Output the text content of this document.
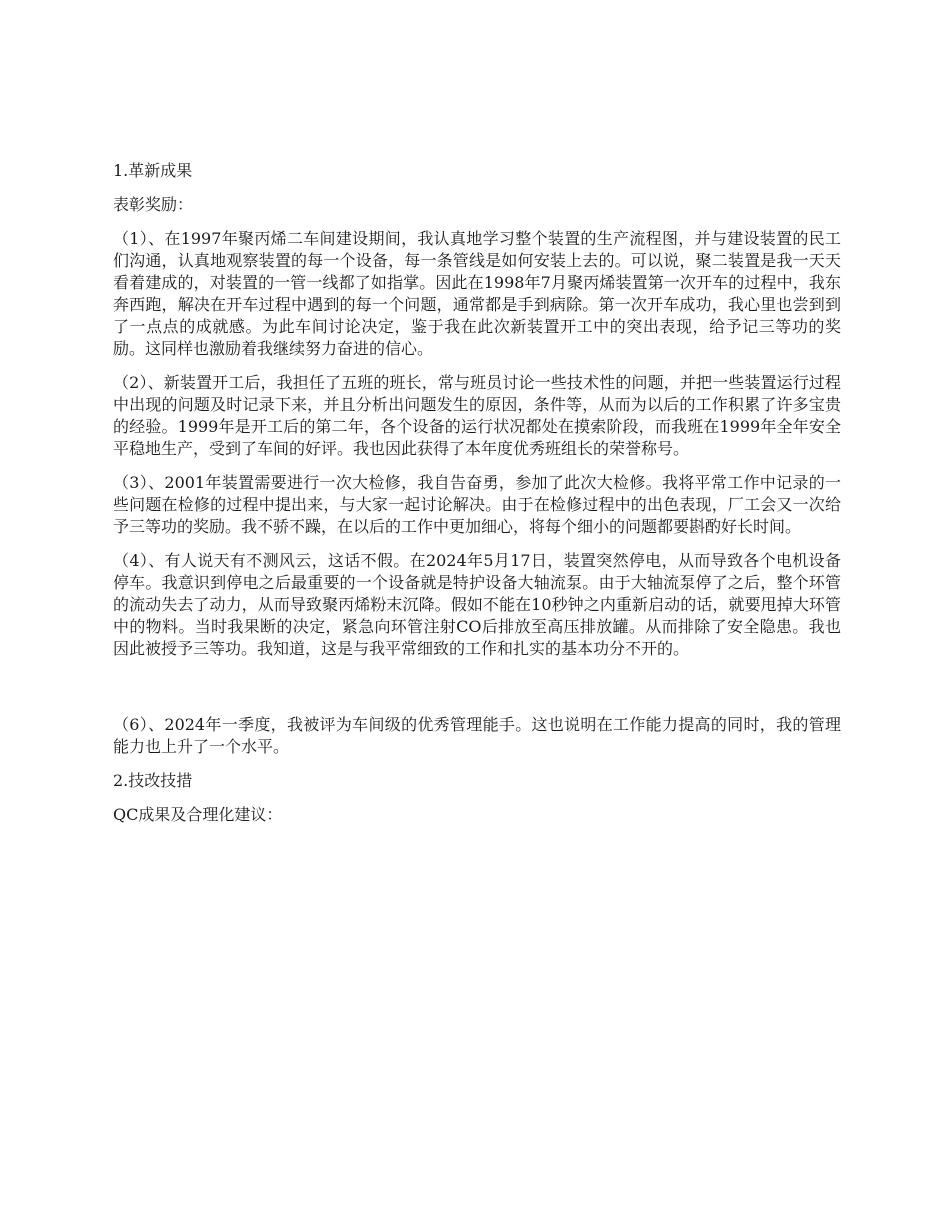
1.革新成果

表彰奖励：

（1）、在1997年聚丙烯二车间建设期间，我认真地学习整个装置的生产流程图，并与建设装置的民工们沟通，认真地观察装置的每一个设备，每一条管线是如何安装上去的。可以说，聚二装置是我一天天看着建成的，对装置的一管一线都了如指掌。因此在1998年7月聚丙烯装置第一次开车的过程中，我东奔西跑，解决在开车过程中遇到的每一个问题，通常都是手到病除。第一次开车成功，我心里也尝到到了一点点的成就感。为此车间讨论决定，鉴于我在此次新装置开工中的突出表现，给予记三等功的奖励。这同样也激励着我继续努力奋进的信心。

（2）、新装置开工后，我担任了五班的班长，常与班员讨论一些技术性的问题，并把一些装置运行过程中出现的问题及时记录下来，并且分析出问题发生的原因，条件等，从而为以后的工作积累了许多宝贵的经验。1999年是开工后的第二年，各个设备的运行状况都处在摸索阶段，而我班在1999年全年安全平稳地生产，受到了车间的好评。我也因此获得了本年度优秀班组长的荣誉称号。

（3）、2001年装置需要进行一次大检修，我自告奋勇，参加了此次大检修。我将平常工作中记录的一些问题在检修的过程中提出来，与大家一起讨论解决。由于在检修过程中的出色表现，厂工会又一次给予三等功的奖励。我不骄不躁，在以后的工作中更加细心，将每个细小的问题都要斟酌好长时间。

（4）、有人说天有不测风云，这话不假。在2024年5月17日，装置突然停电，从而导致各个电机设备停车。我意识到停电之后最重要的一个设备就是特护设备大轴流泵。由于大轴流泵停了之后，整个环管的流动失去了动力，从而导致聚丙烯粉末沉降。假如不能在10秒钟之内重新启动的话，就要甩掉大环管中的物料。当时我果断的决定，紧急向环管注射CO后排放至高压排放罐。从而排除了安全隐患。我也因此被授予三等功。我知道，这是与我平常细致的工作和扎实的基本功分不开的。

（6）、2024年一季度，我被评为车间级的优秀管理能手。这也说明在工作能力提高的同时，我的管理能力也上升了一个水平。

2.技改技措

QC成果及合理化建议：
